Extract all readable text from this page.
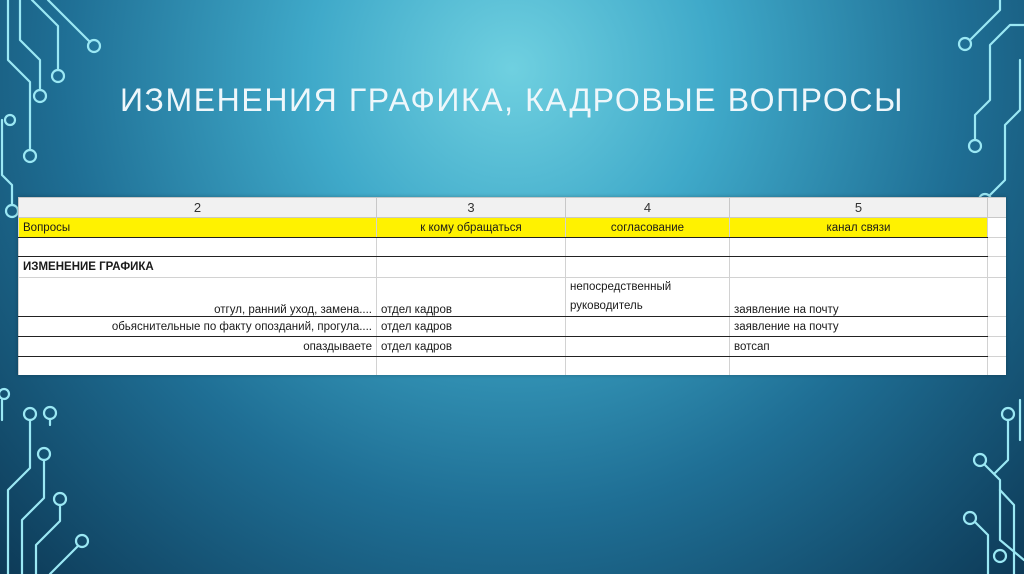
ИЗМЕНЕНИЯ ГРАФИКА, КАДРОВЫЕ ВОПРОСЫ
2	3	4	5	
Вопросы	к кому обращаться	согласование	канал связи	

ИЗМЕНЕНИЕ ГРАФИКА				
отгул, ранний уход, замена....	отдел кадров	непосредственный руководитель	заявление на почту	
обьяснительные по факту опозданий, прогула....	отдел кадров		заявление на почту	
опаздываете	отдел кадров		вотсап	
